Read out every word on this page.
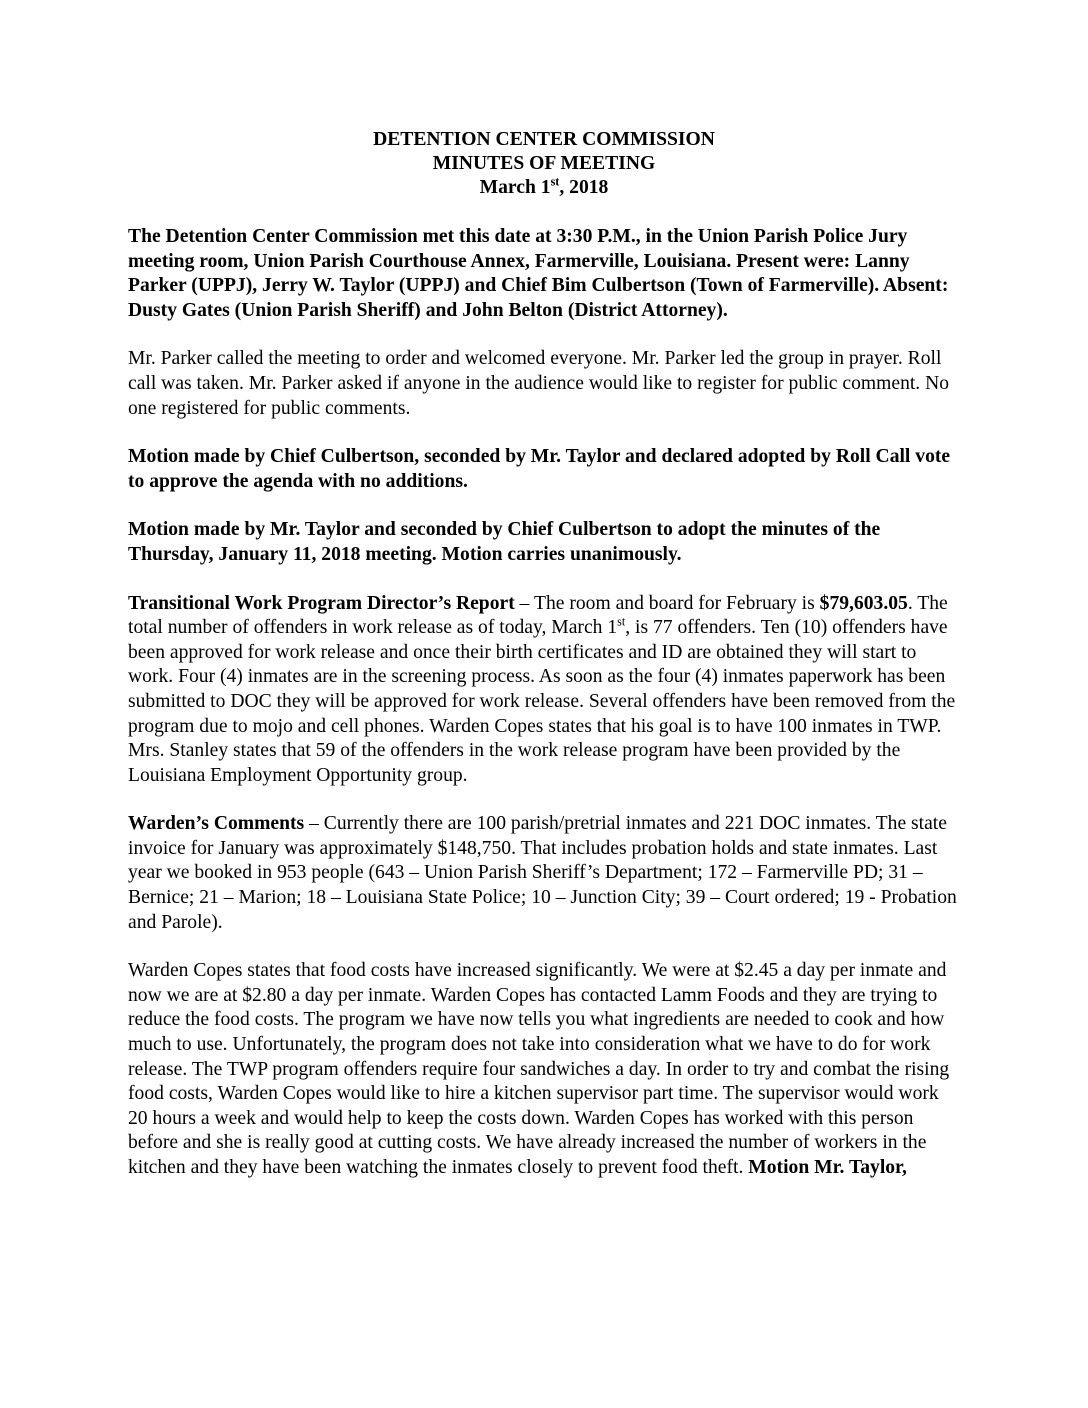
DETENTION CENTER COMMISSION
MINUTES OF MEETING
March 1st, 2018

The Detention Center Commission met this date at 3:30 P.M., in the Union Parish Police Jury meeting room, Union Parish Courthouse Annex, Farmerville, Louisiana. Present were: Lanny Parker (UPPJ), Jerry W. Taylor (UPPJ) and Chief Bim Culbertson (Town of Farmerville). Absent: Dusty Gates (Union Parish Sheriff) and John Belton (District Attorney).

Mr. Parker called the meeting to order and welcomed everyone. Mr. Parker led the group in prayer. Roll call was taken. Mr. Parker asked if anyone in the audience would like to register for public comment. No one registered for public comments.

Motion made by Chief Culbertson, seconded by Mr. Taylor and declared adopted by Roll Call vote to approve the agenda with no additions.

Motion made by Mr. Taylor and seconded by Chief Culbertson to adopt the minutes of the Thursday, January 11, 2018 meeting. Motion carries unanimously.

Transitional Work Program Director’s Report – The room and board for February is $79,603.05. The total number of offenders in work release as of today, March 1st, is 77 offenders. Ten (10) offenders have been approved for work release and once their birth certificates and ID are obtained they will start to work. Four (4) inmates are in the screening process. As soon as the four (4) inmates paperwork has been submitted to DOC they will be approved for work release. Several offenders have been removed from the program due to mojo and cell phones. Warden Copes states that his goal is to have 100 inmates in TWP. Mrs. Stanley states that 59 of the offenders in the work release program have been provided by the Louisiana Employment Opportunity group.

Warden’s Comments – Currently there are 100 parish/pretrial inmates and 221 DOC inmates. The state invoice for January was approximately $148,750. That includes probation holds and state inmates. Last year we booked in 953 people (643 – Union Parish Sheriff’s Department; 172 – Farmerville PD; 31 – Bernice; 21 – Marion; 18 – Louisiana State Police; 10 – Junction City; 39 – Court ordered; 19 - Probation and Parole).

Warden Copes states that food costs have increased significantly. We were at $2.45 a day per inmate and now we are at $2.80 a day per inmate. Warden Copes has contacted Lamm Foods and they are trying to reduce the food costs. The program we have now tells you what ingredients are needed to cook and how much to use. Unfortunately, the program does not take into consideration what we have to do for work release. The TWP program offenders require four sandwiches a day. In order to try and combat the rising food costs, Warden Copes would like to hire a kitchen supervisor part time. The supervisor would work 20 hours a week and would help to keep the costs down. Warden Copes has worked with this person before and she is really good at cutting costs. We have already increased the number of workers in the kitchen and they have been watching the inmates closely to prevent food theft. Motion Mr. Taylor,
